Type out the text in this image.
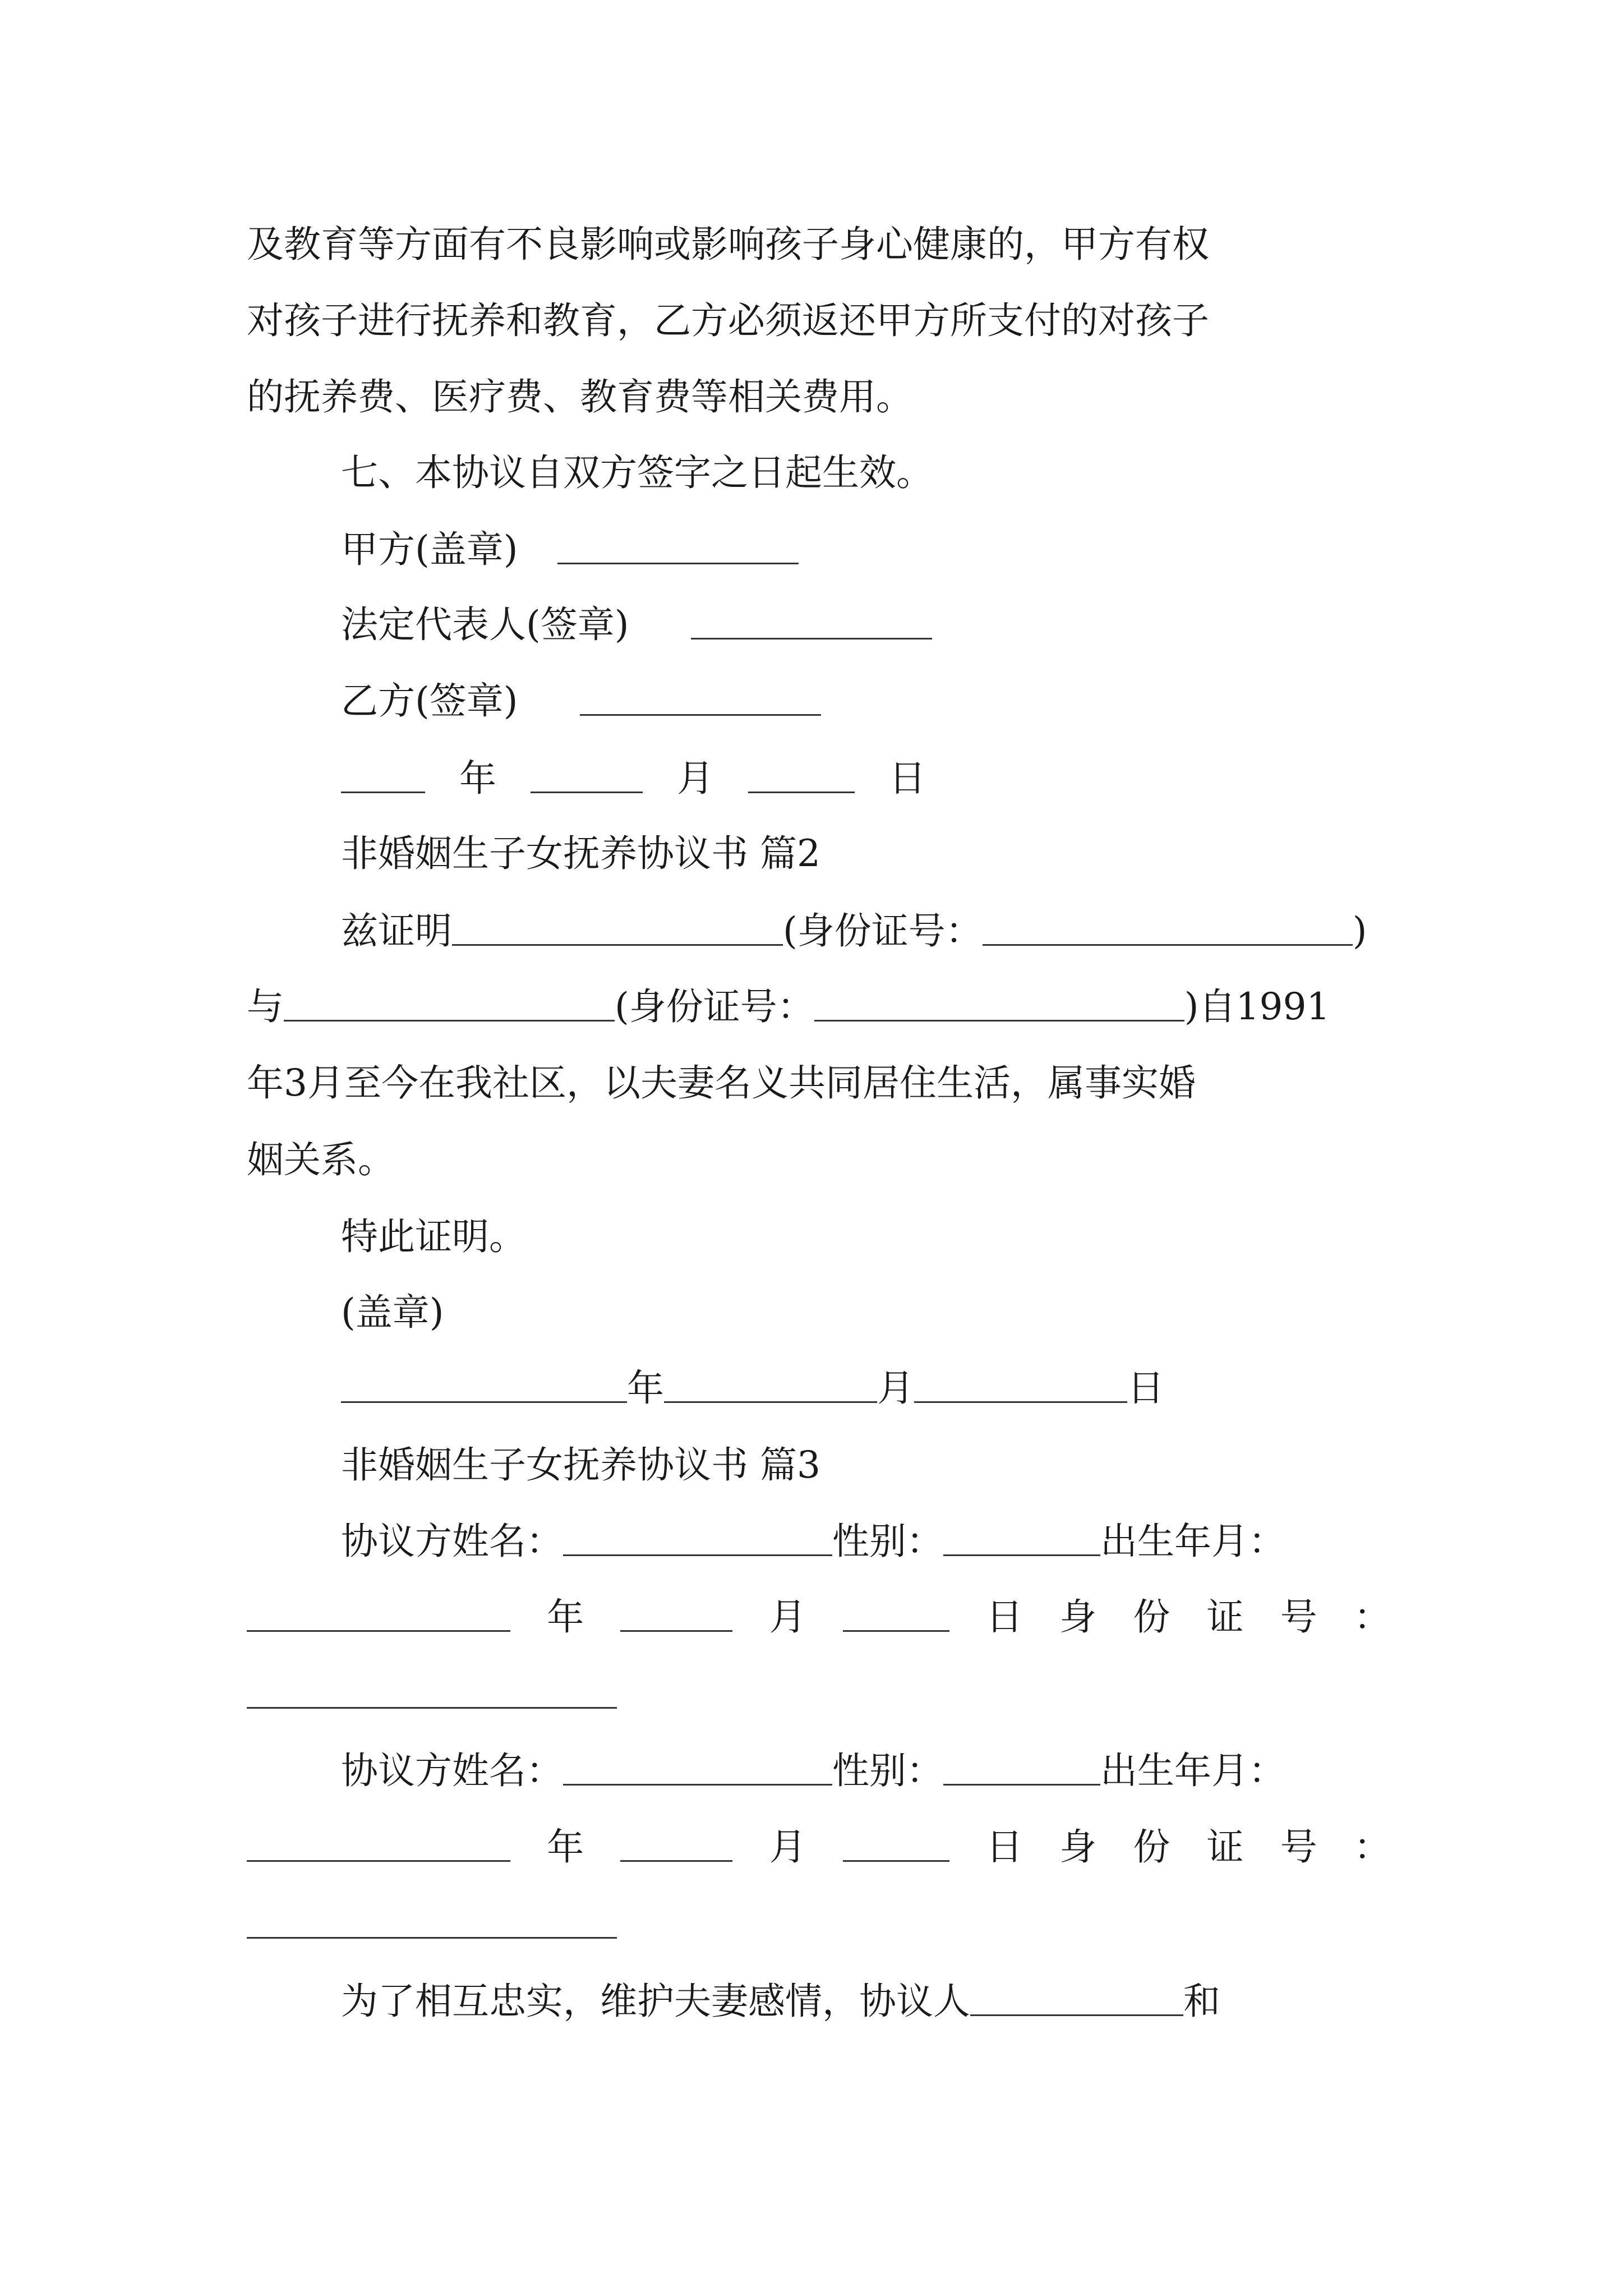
及教育等方面有不良影响或影响孩子身心健康的，甲方有权
对孩子进行抚养和教育，乙方必须返还甲方所支付的对孩子
的抚养费、医疗费、教育费等相关费用。
七、本协议自双方签字之日起生效。
甲方(盖章)
法定代表人(签章)
乙方(签章)
年	月	日
非婚姻生子女抚养协议书 篇2
兹证明	(身份证号：	)
与	(身份证号：	)自1991
年3月至今在我社区，以夫妻名义共同居住生活，属事实婚
姻关系。
特此证明。
(盖章)
年	月	日
非婚姻生子女抚养协议书 篇3
协议方姓名：	性别：	出生年月：
年	月	日 身 份 证 号 ：
协议方姓名：	性别：	出生年月：
年	月	日 身 份 证 号 ：
为了相互忠实，维护夫妻感情，协议人	和
